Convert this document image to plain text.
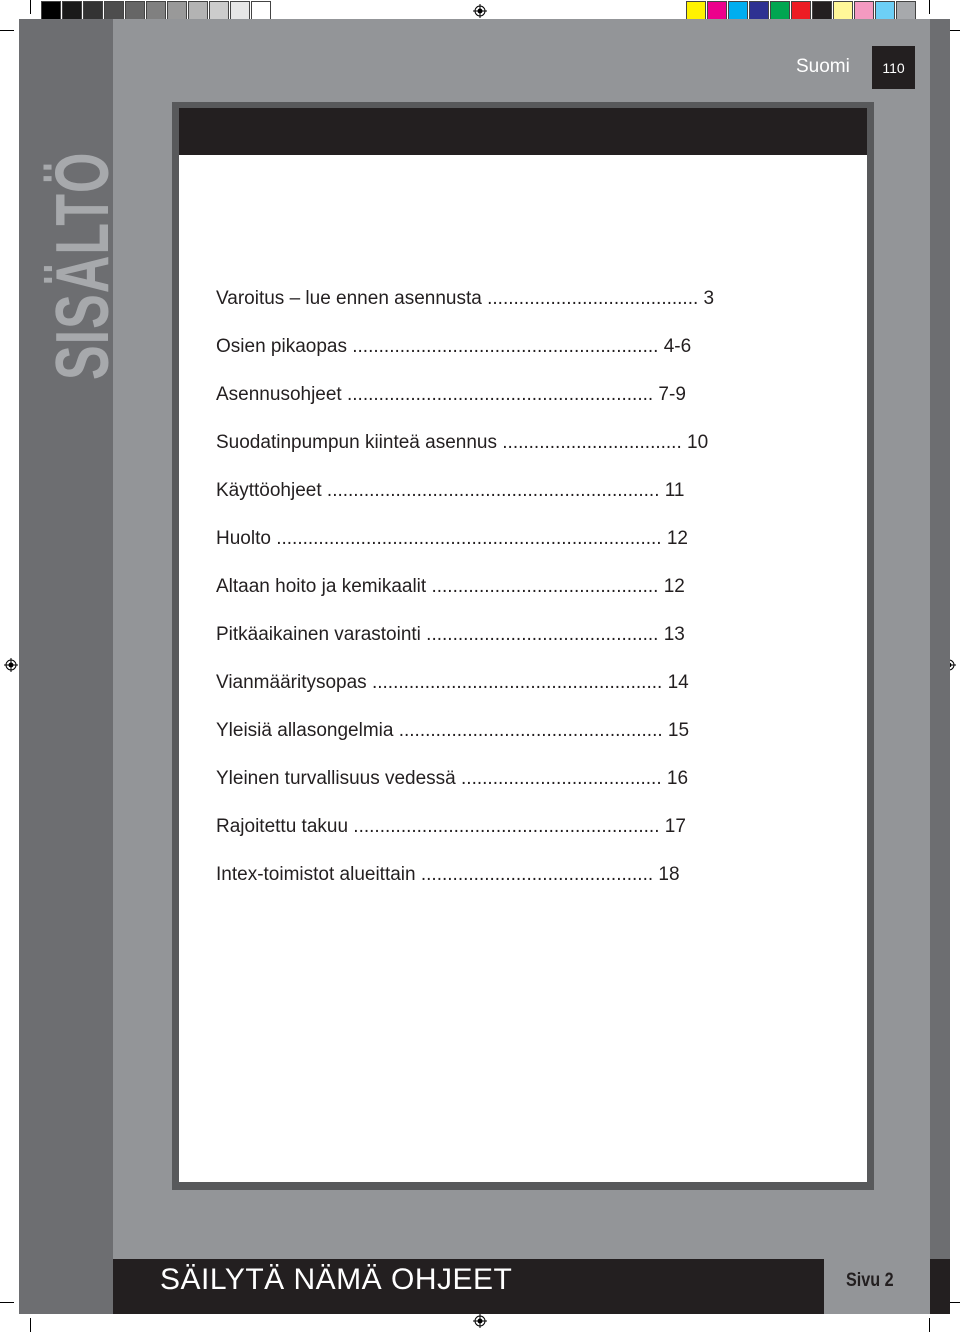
SISÄLTÖ
Suomi	110
Varoitus – lue ennen asennusta ........................................ 3
Osien pikaopas .......................................................... 4-6
Asennusohjeet .......................................................... 7-9
Suodatinpumpun kiinteä asennus .................................. 10
Käyttöohjeet ............................................................... 11
Huolto ......................................................................... 12
Altaan hoito ja kemikaalit ........................................... 12
Pitkäaikainen varastointi ............................................ 13
Vianmääritysopas ....................................................... 14
Yleisiä allasongelmia .................................................. 15
Yleinen turvallisuus vedessä ...................................... 16
Rajoitettu takuu .......................................................... 17
Intex-toimistot alueittain ............................................ 18
SÄILYTÄ NÄMÄ OHJEET	Sivu 2
